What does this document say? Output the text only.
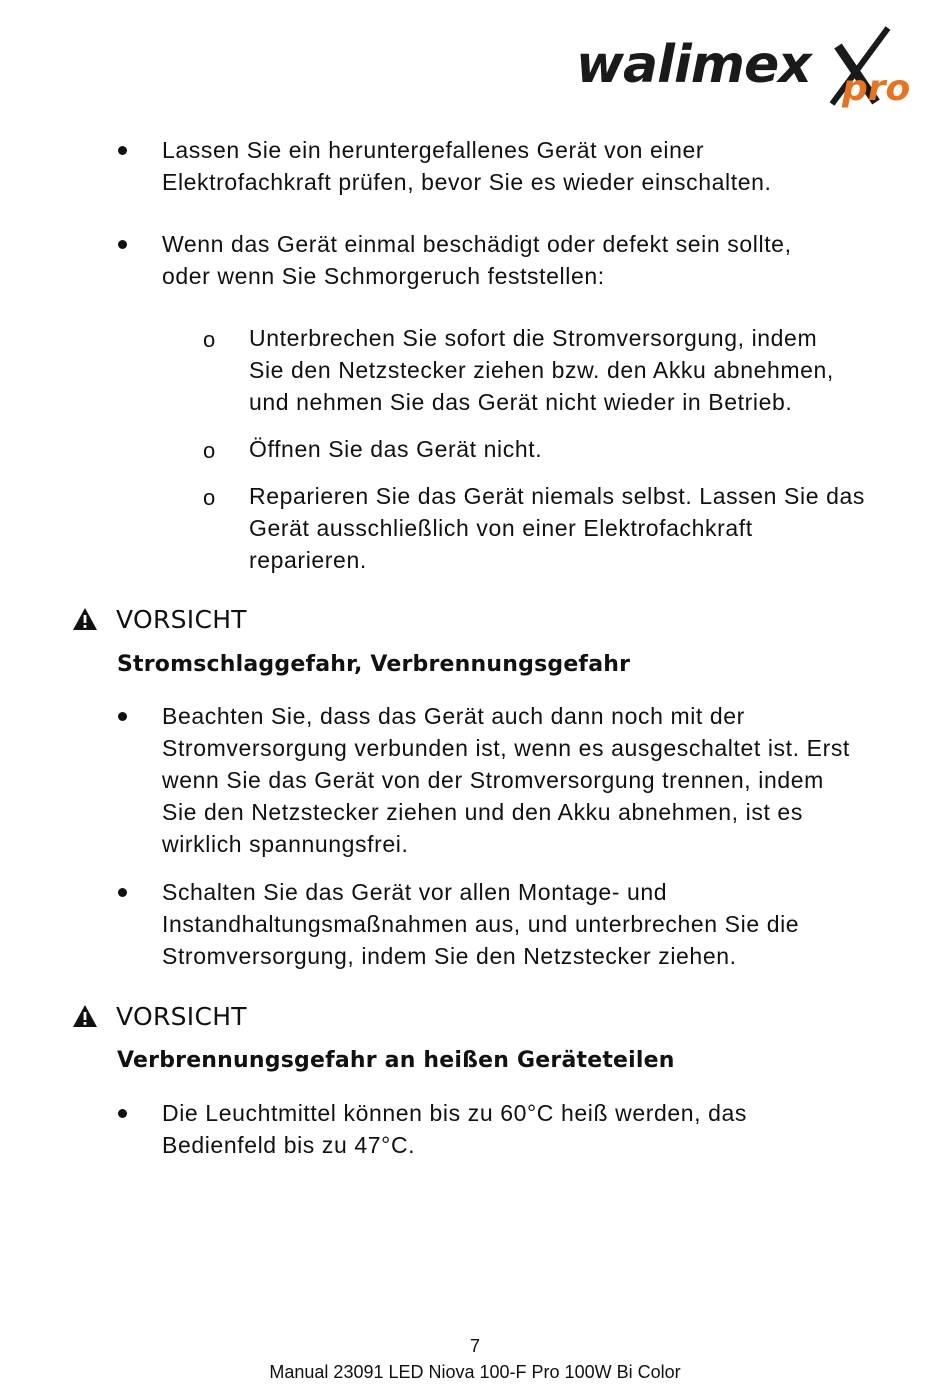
walimex pro

Lassen Sie ein heruntergefallenes Gerät von einer

Elektrofachkraft prüfen, bevor Sie es wieder einschalten.

Wenn das Gerät einmal beschädigt oder defekt sein sollte,

oder wenn Sie Schmorgeruch feststellen:

o Unterbrechen Sie sofort die Stromversorgung, indem

Sie den Netzstecker ziehen bzw. den Akku abnehmen,

und nehmen Sie das Gerät nicht wieder in Betrieb.

o Öffnen Sie das Gerät nicht.

o Reparieren Sie das Gerät niemals selbst. Lassen Sie das

Gerät ausschließlich von einer Elektrofachkraft

reparieren.

VORSICHT

Stromschlaggefahr, Verbrennungsgefahr

Beachten Sie, dass das Gerät auch dann noch mit der

Stromversorgung verbunden ist, wenn es ausgeschaltet ist. Erst

wenn Sie das Gerät von der Stromversorgung trennen, indem

Sie den Netzstecker ziehen und den Akku abnehmen, ist es

wirklich spannungsfrei.

Schalten Sie das Gerät vor allen Montage- und

Instandhaltungsmaßnahmen aus, und unterbrechen Sie die

Stromversorgung, indem Sie den Netzstecker ziehen.

VORSICHT

Verbrennungsgefahr an heißen Geräteteilen

Die Leuchtmittel können bis zu 60°C heiß werden, das

Bedienfeld bis zu 47°C.

7
Manual 23091 LED Niova 100-F Pro 100W Bi Color
